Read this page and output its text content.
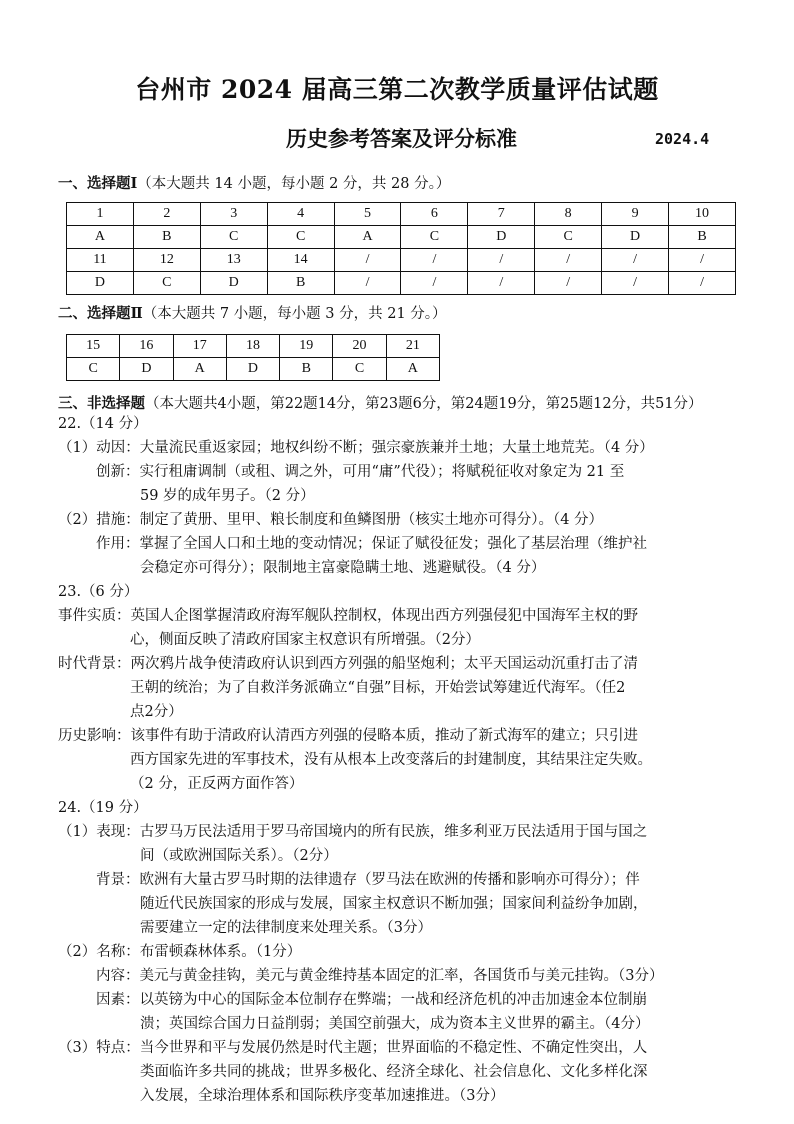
台州市 2024 届高三第二次教学质量评估试题
历史参考答案及评分标准	2024.4
一、选择题Ⅰ（本大题共 14 小题，每小题 2 分，共 28 分。）
1	2	3	4	5	6	7	8	9	10
A	B	C	C	A	C	D	C	D	B
11	12	13	14	/	/	/	/	/	/
D	C	D	B	/	/	/	/	/	/
二、选择题Ⅱ（本大题共 7 小题，每小题 3 分，共 21 分。）
15	16	17	18	19	20	21
C	D	A	D	B	C	A
三、非选择题（本大题共4小题，第22题14分，第23题6分，第24题19分，第25题12分，共51分）
22.（14 分）
（1）动因：大量流民重返家园；地权纠纷不断；强宗豪族兼并土地；大量土地荒芜。（4 分）
创新：实行租庸调制（或租、调之外，可用“庸”代役）；将赋税征收对象定为 21 至
59 岁的成年男子。（2 分）
（2）措施：制定了黄册、里甲、粮长制度和鱼鳞图册（核实土地亦可得分）。（4 分）
作用：掌握了全国人口和土地的变动情况；保证了赋役征发；强化了基层治理（维护社
会稳定亦可得分）；限制地主富豪隐瞒土地、逃避赋役。（4 分）
23.（6 分）
事件实质：英国人企图掌握清政府海军舰队控制权，体现出西方列强侵犯中国海军主权的野
心，侧面反映了清政府国家主权意识有所增强。（2分）
时代背景：两次鸦片战争使清政府认识到西方列强的船坚炮利；太平天国运动沉重打击了清
王朝的统治；为了自救洋务派确立“自强”目标，开始尝试筹建近代海军。（任2
点2分）
历史影响：该事件有助于清政府认清西方列强的侵略本质，推动了新式海军的建立；只引进
西方国家先进的军事技术，没有从根本上改变落后的封建制度，其结果注定失败。
（2 分，正反两方面作答）
24.（19 分）
（1）表现：古罗马万民法适用于罗马帝国境内的所有民族，维多利亚万民法适用于国与国之
间（或欧洲国际关系）。（2分）
背景：欧洲有大量古罗马时期的法律遗存（罗马法在欧洲的传播和影响亦可得分）；伴
随近代民族国家的形成与发展，国家主权意识不断加强；国家间利益纷争加剧，
需要建立一定的法律制度来处理关系。（3分）
（2）名称：布雷顿森林体系。（1分）
内容：美元与黄金挂钩，美元与黄金维持基本固定的汇率，各国货币与美元挂钩。（3分）
因素：以英镑为中心的国际金本位制存在弊端；一战和经济危机的冲击加速金本位制崩
溃；英国综合国力日益削弱；美国空前强大，成为资本主义世界的霸主。（4分）
（3）特点：当今世界和平与发展仍然是时代主题；世界面临的不稳定性、不确定性突出，人
类面临许多共同的挑战；世界多极化、经济全球化、社会信息化、文化多样化深
入发展，全球治理体系和国际秩序变革加速推进。（3分）
